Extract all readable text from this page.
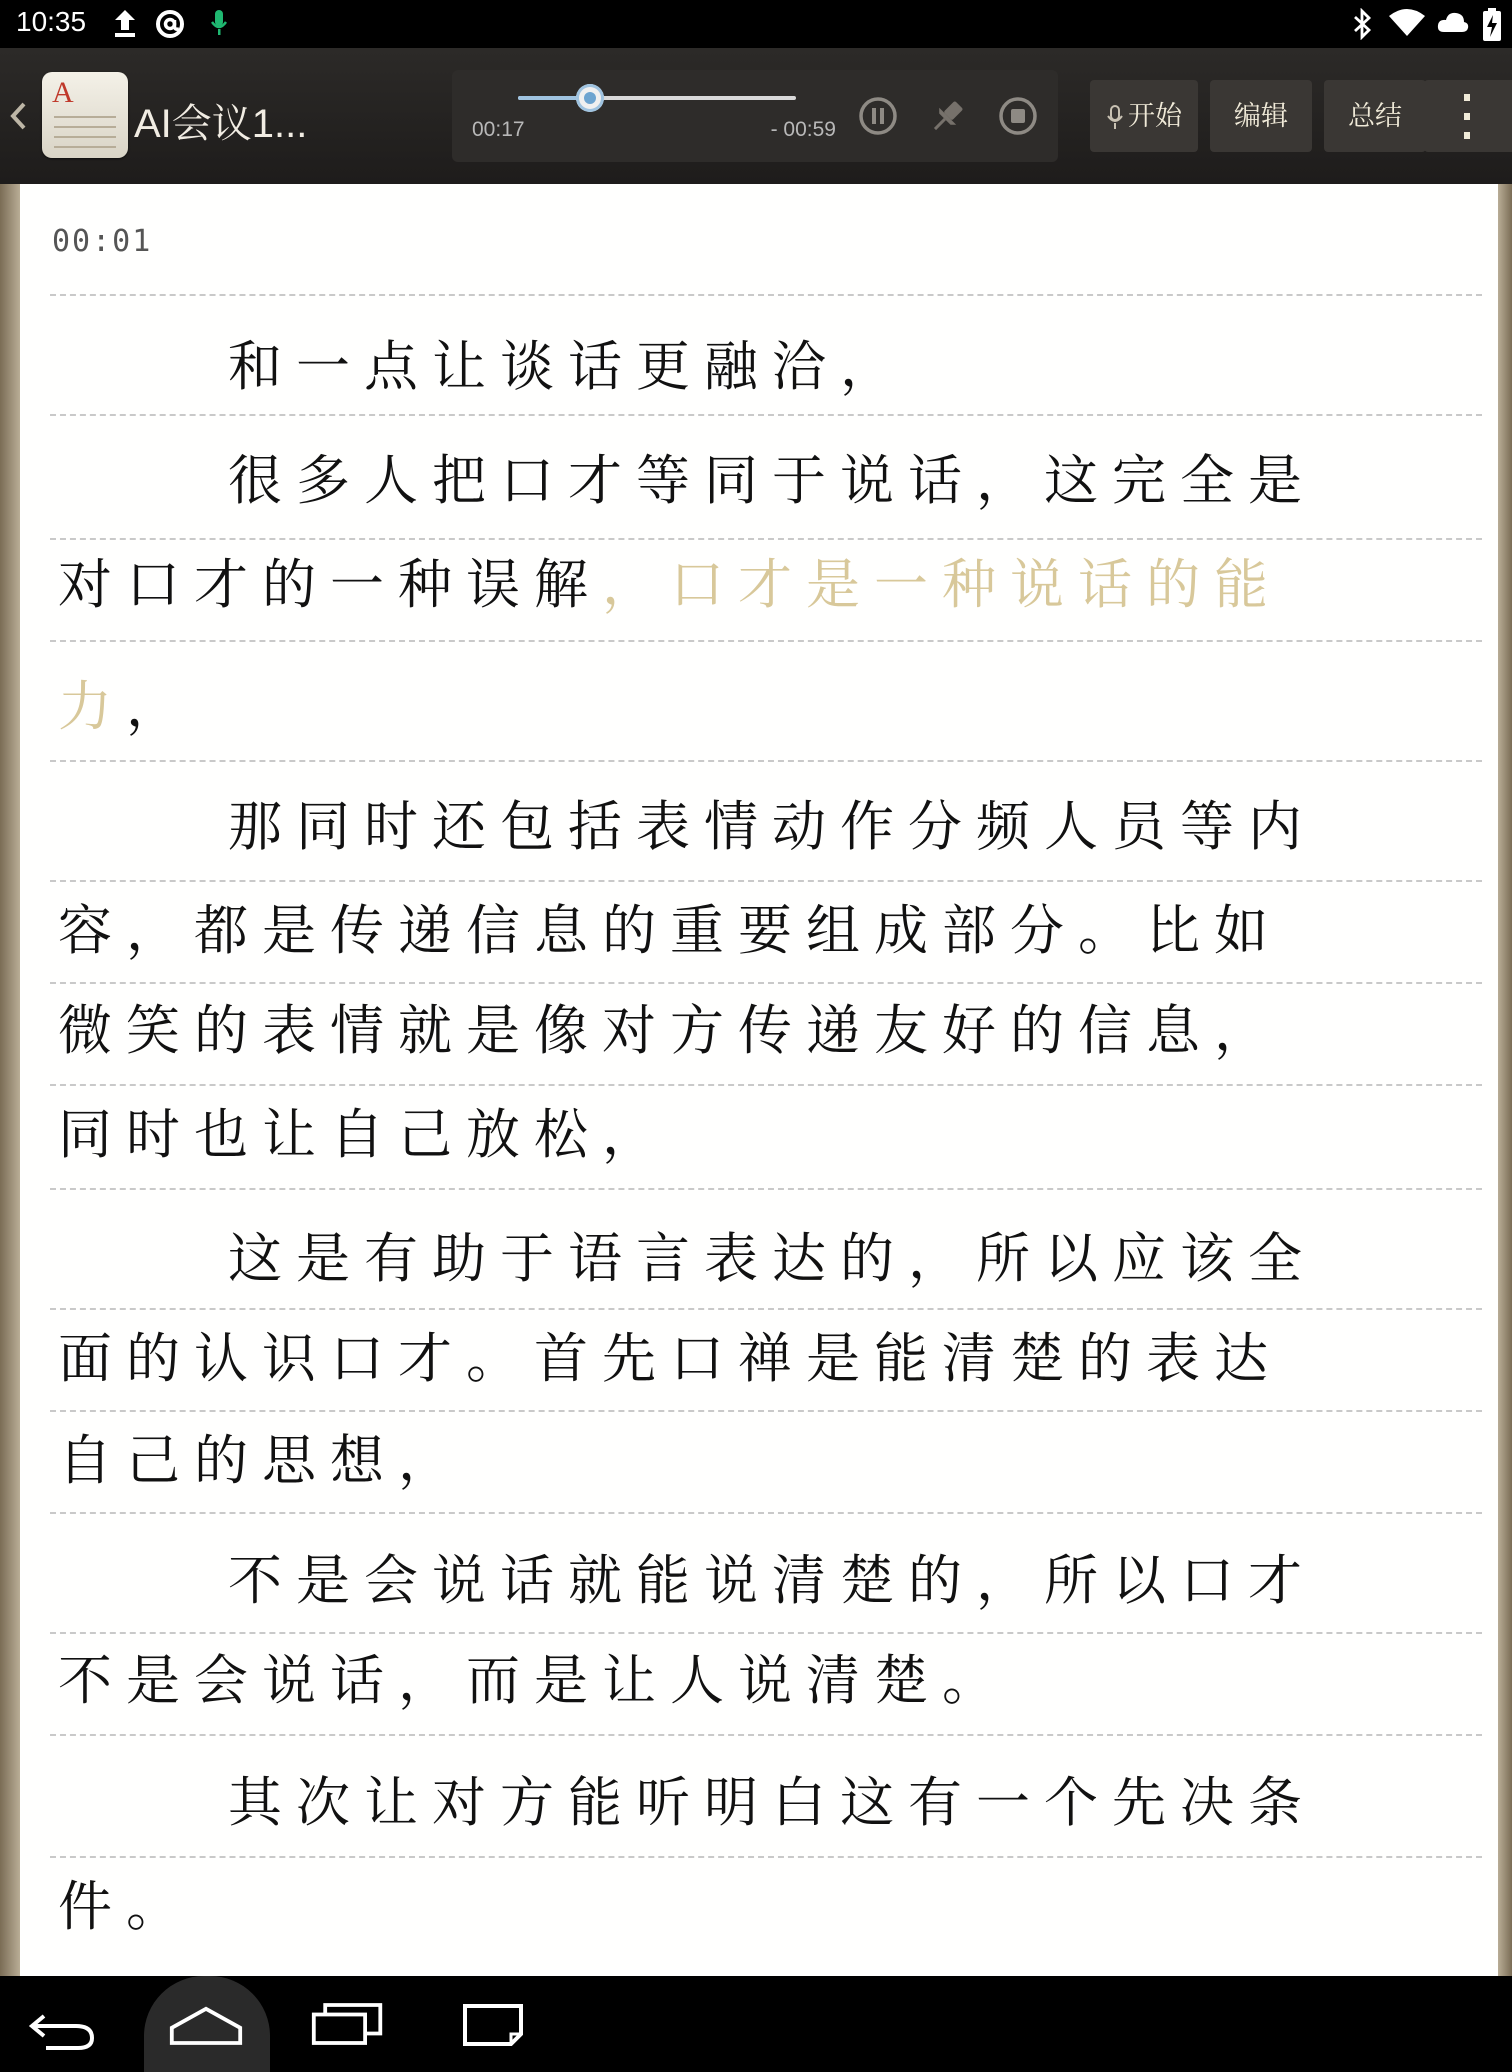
10:35
A
AI会议1...	00:17	- 00:59	开始	编辑	总结
00:01
和一点让谈话更融洽，
很多人把口才等同于说话，这完全是
对口才的一种误解，口才是一种说话的能
力，
那同时还包括表情动作分频人员等内
容，都是传递信息的重要组成部分。比如
微笑的表情就是像对方传递友好的信息，
同时也让自己放松，
这是有助于语言表达的，所以应该全
面的认识口才。首先口禅是能清楚的表达
自己的思想，
不是会说话就能说清楚的，所以口才
不是会说话，而是让人说清楚。
其次让对方能听明白这有一个先决条
件。
